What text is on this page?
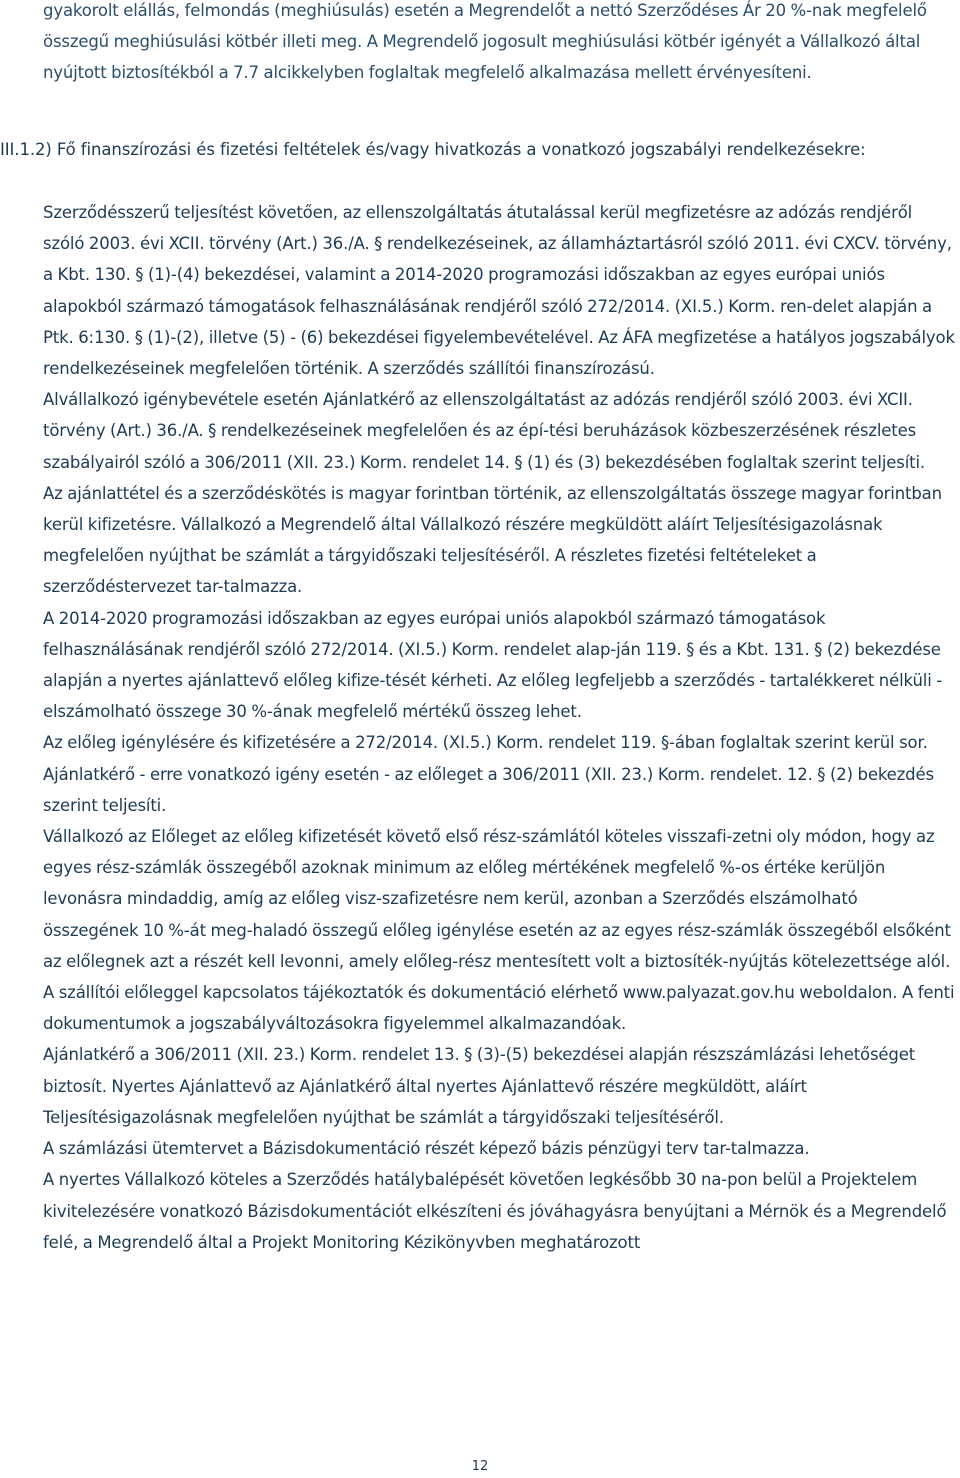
gyakorolt elállás, felmondás (meghiúsulás) esetén a Megrendelőt a nettó Szerződéses Ár 20 %-nak megfelelő összegű meghiúsulási kötbér illeti meg. A Megrendelő jogosult meghiúsulási kötbér igényét a Vállalkozó által nyújtott biztosítékból a 7.7 alcikkelyben foglaltak megfelelő alkalmazása mellett érvényesíteni.

III.1.2) Fő finanszírozási és fizetési feltételek és/vagy hivatkozás a vonatkozó jogszabályi rendelkezésekre:

Szerződésszerű teljesítést követően, az ellenszolgáltatás átutalással kerül megfizetésre az adózás rendjéről szóló 2003. évi XCII. törvény (Art.) 36./A. § rendelkezéseinek, az államháztartásról szóló 2011. évi CXCV. törvény, a Kbt. 130. § (1)-(4) bekezdései, valamint a 2014-2020 programozási időszakban az egyes európai uniós alapokból származó támogatások felhasználásának rendjéről szóló 272/2014. (XI.5.) Korm. ren-delet alapján a Ptk. 6:130. § (1)-(2), illetve (5) - (6) bekezdései figyelembevételével. Az ÁFA megfizetése a hatályos jogszabályok rendelkezéseinek megfelelően történik. A szerződés szállítói finanszírozású.

Alvállalkozó igénybevétele esetén Ajánlatkérő az ellenszolgáltatást az adózás rendjéről szóló 2003. évi XCII. törvény (Art.) 36./A. § rendelkezéseinek megfelelően és az épí-tési beruházások közbeszerzésének részletes szabályairól szóló a 306/2011 (XII. 23.) Korm. rendelet 14. § (1) és (3) bekezdésében foglaltak szerint teljesíti.

Az ajánlattétel és a szerződéskötés is magyar forintban történik, az ellenszolgáltatás összege magyar forintban kerül kifizetésre. Vállalkozó a Megrendelő által Vállalkozó részére megküldött aláírt Teljesítésigazolásnak megfelelően nyújthat be számlát a tárgyidőszaki teljesítéséről. A részletes fizetési feltételeket a szerződéstervezet tar-talmazza.

A 2014-2020 programozási időszakban az egyes európai uniós alapokból származó támogatások felhasználásának rendjéről szóló 272/2014. (XI.5.) Korm. rendelet alap-ján 119. § és a Kbt. 131. § (2) bekezdése alapján a nyertes ajánlattevő előleg kifize-tését kérheti. Az előleg legfeljebb a szerződés - tartalékkeret nélküli - elszámolható összege 30 %-ának megfelelő mértékű összeg lehet.

Az előleg igénylésére és kifizetésére a 272/2014. (XI.5.) Korm. rendelet 119. §-ában foglaltak szerint kerül sor. Ajánlatkérő - erre vonatkozó igény esetén - az előleget a 306/2011 (XII. 23.) Korm. rendelet. 12. § (2) bekezdés szerint teljesíti.

Vállalkozó az Előleget az előleg kifizetését követő első rész-számlától köteles visszafi-zetni oly módon, hogy az egyes rész-számlák összegéből azoknak minimum az előleg mértékének megfelelő %-os értéke kerüljön levonásra mindaddig, amíg az előleg visz-szafizetésre nem kerül, azonban a Szerződés elszámolható összegének 10 %-át meg-haladó összegű előleg igénylése esetén az az egyes rész-számlák összegéből elsőként az előlegnek azt a részét kell levonni, amely előleg-rész mentesített volt a biztosíték-nyújtás kötelezettsége alól.

A szállítói előleggel kapcsolatos tájékoztatók és dokumentáció elérhető www.palyazat.gov.hu weboldalon. A fenti dokumentumok a jogszabályváltozásokra figyelemmel alkalmazandóak.

Ajánlatkérő a 306/2011 (XII. 23.) Korm. rendelet 13. § (3)-(5) bekezdései alapján részszámlázási lehetőséget biztosít. Nyertes Ajánlattevő az Ajánlatkérő által nyertes Ajánlattevő részére megküldött, aláírt Teljesítésigazolásnak megfelelően nyújthat be számlát a tárgyidőszaki teljesítéséről.

A számlázási ütemtervet a Bázisdokumentáció részét képező bázis pénzügyi terv tar-talmazza.

A nyertes Vállalkozó köteles a Szerződés hatálybalépését követően legkésőbb 30 na-pon belül a Projektelem kivitelezésére vonatkozó Bázisdokumentációt elkészíteni és jóváhagyásra benyújtani a Mérnök és a Megrendelő felé, a Megrendelő által a Projekt Monitoring Kézikönyvben meghatározott

12
